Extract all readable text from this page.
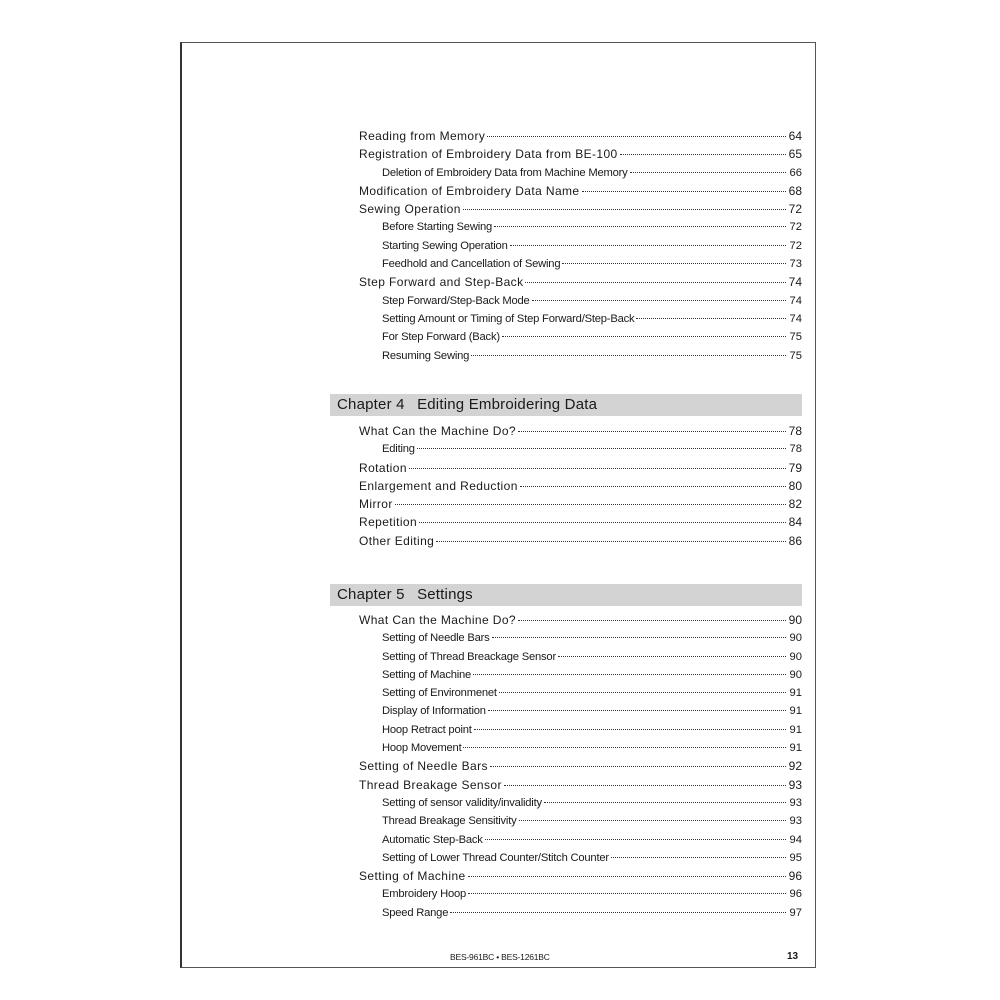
Reading from Memory	64
Registration of Embroidery Data from BE-100	65
Deletion of Embroidery Data from Machine Memory	66
Modification of Embroidery Data Name	68
Sewing Operation	72
Before Starting Sewing	72
Starting Sewing Operation	72
Feedhold and Cancellation of Sewing	73
Step Forward and Step-Back	74
Step Forward/Step-Back Mode	74
Setting Amount or Timing of Step Forward/Step-Back	74
For Step Forward (Back)	75
Resuming Sewing	75
Chapter 4 Editing Embroidering Data
What Can the Machine Do?	78
Editing	78
Rotation	79
Enlargement and Reduction	80
Mirror	82
Repetition	84
Other Editing	86
Chapter 5 Settings
What Can the Machine Do?	90
Setting of Needle Bars	90
Setting of Thread Breackage Sensor	90
Setting of Machine	90
Setting of Environmenet	91
Display of Information	91
Hoop Retract point	91
Hoop Movement	91
Setting of Needle Bars	92
Thread Breakage Sensor	93
Setting of sensor validity/invalidity	93
Thread Breakage Sensitivity	93
Automatic Step-Back	94
Setting of Lower Thread Counter/Stitch Counter	95
Setting of Machine	96
Embroidery Hoop	96
Speed Range	97
BES-961BC • BES-1261BC	13
